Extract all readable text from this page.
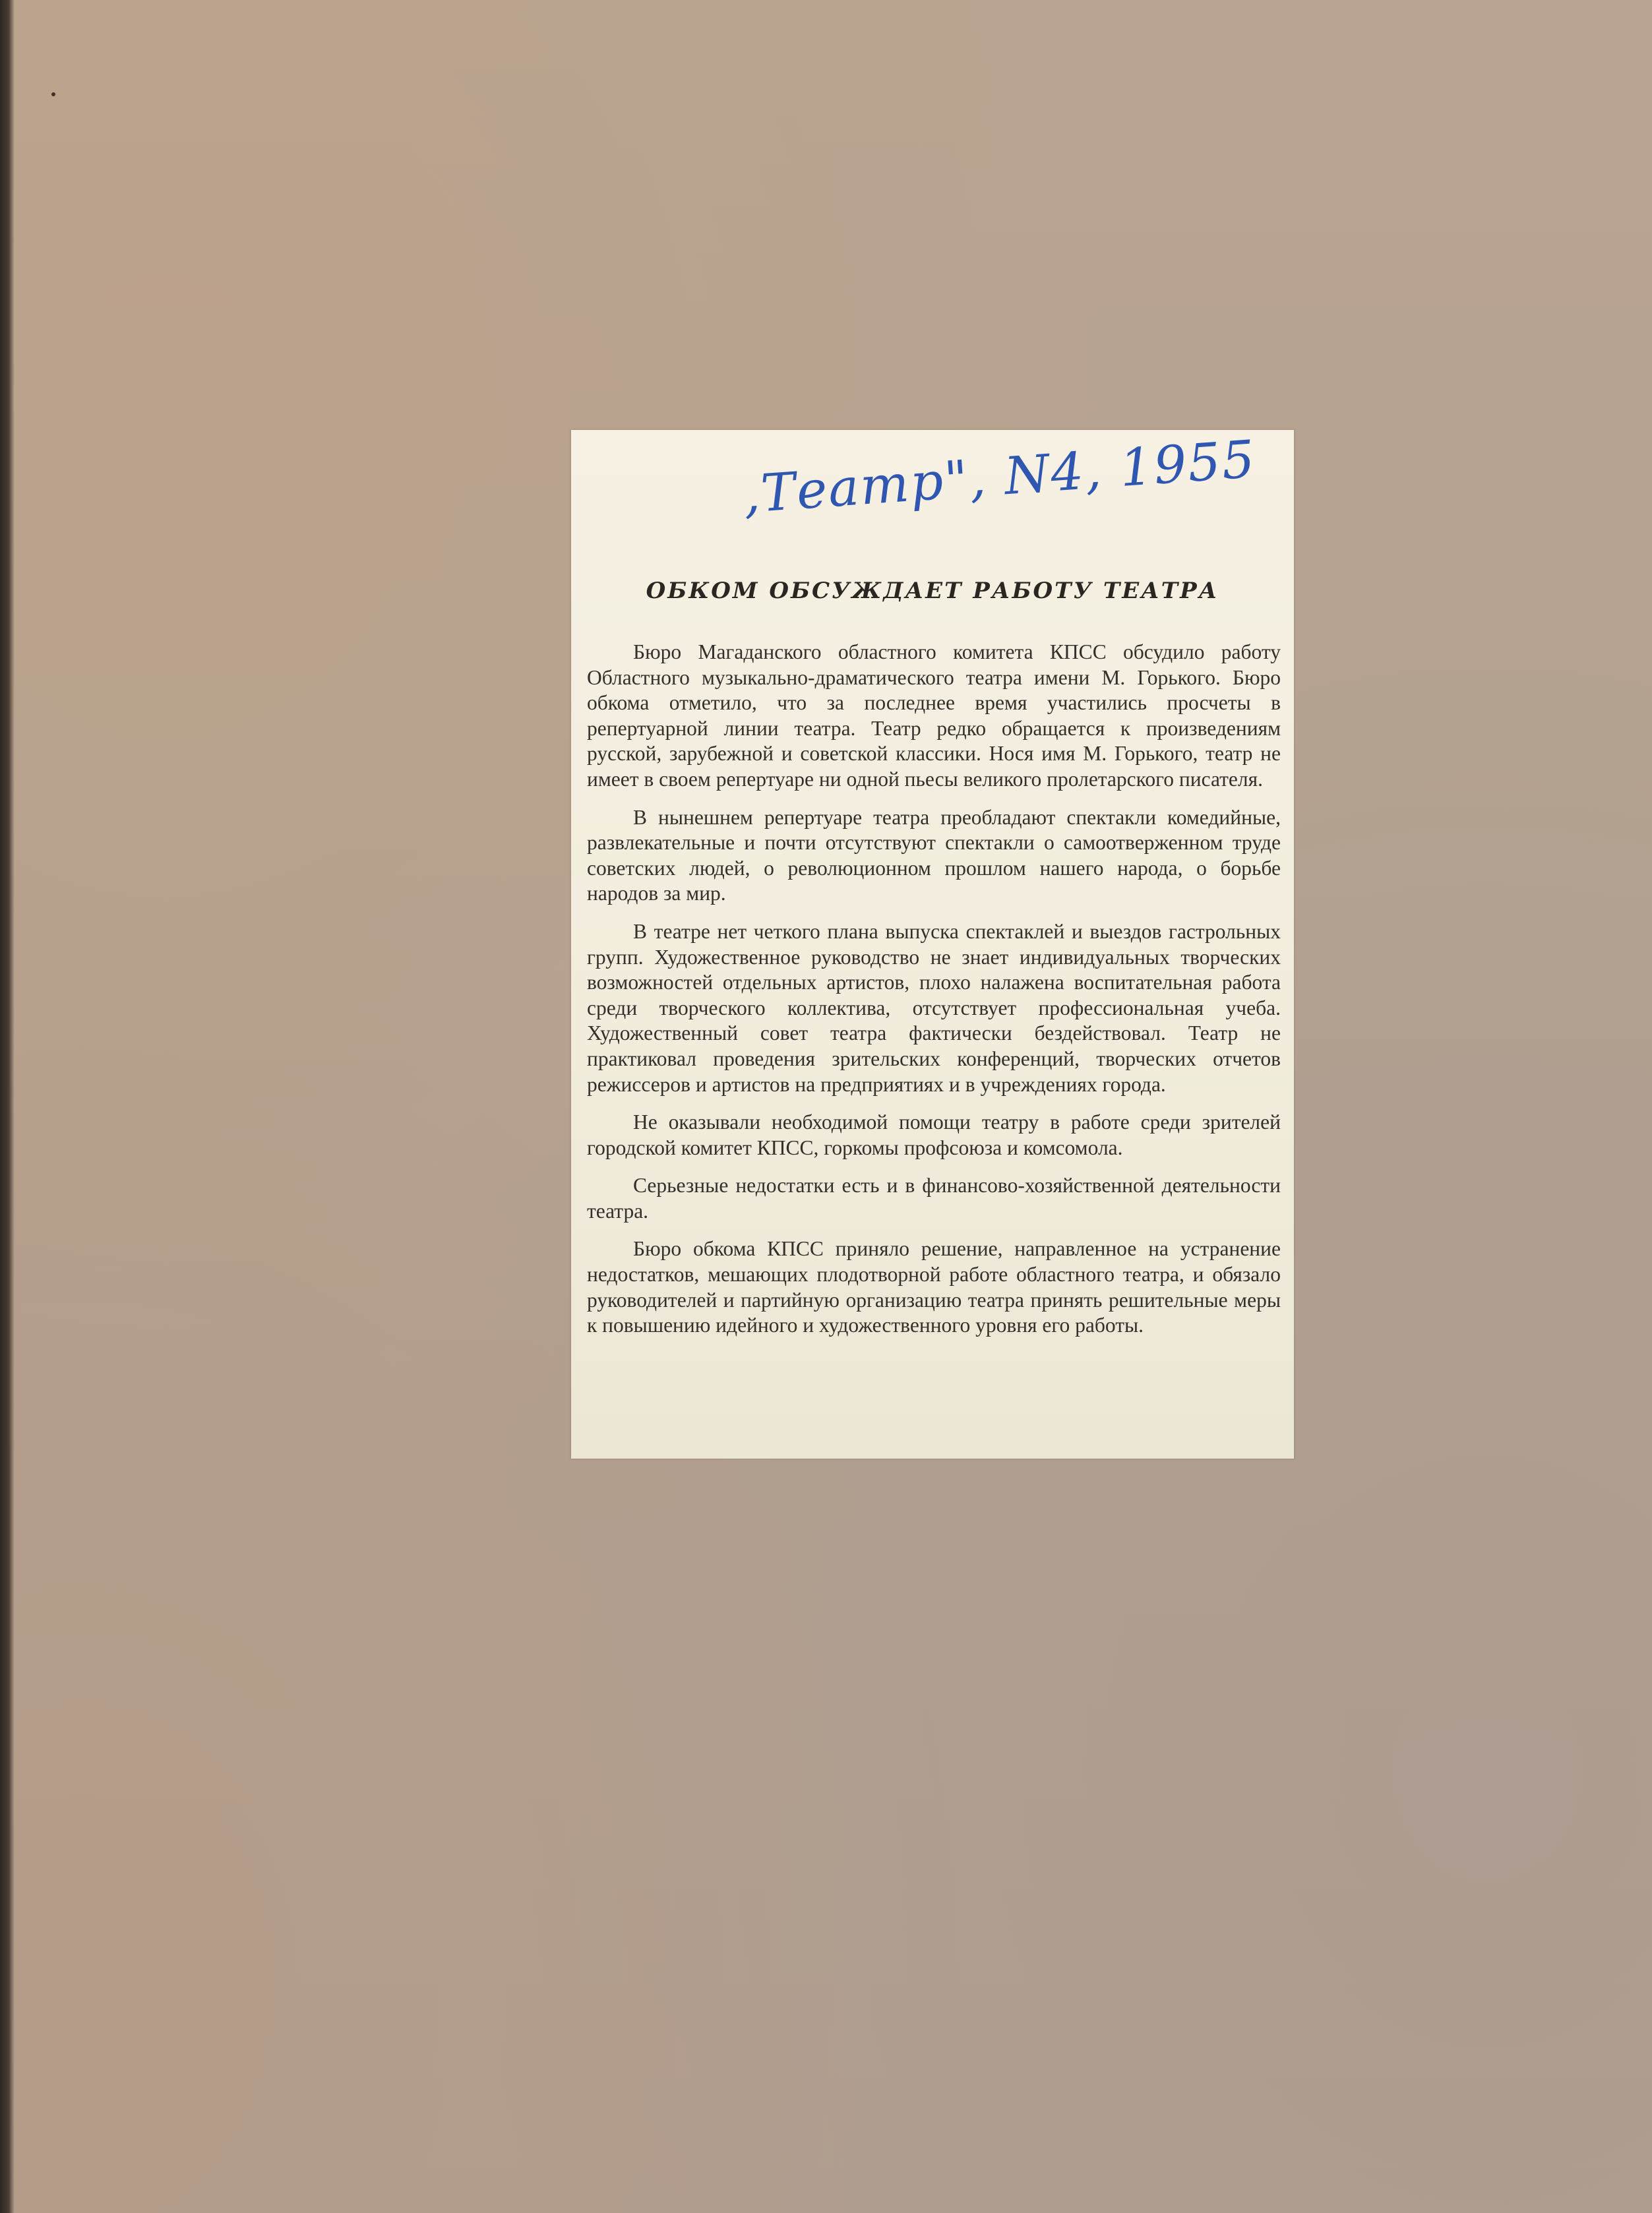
,Театр", N4, 1955
ОБКОМ ОБСУЖДАЕТ РАБОТУ ТЕАТРА

Бюро Магаданского областного комитета КПСС обсудило работу Областного музыкально-драматического театра имени М. Горького. Бюро обкома отметило, что за последнее время участились просчеты в репертуарной линии театра. Театр редко обращается к произведениям русской, зарубежной и советской классики. Нося имя М. Горького, театр не имеет в своем репертуаре ни одной пьесы великого пролетарского писателя.

В нынешнем репертуаре театра преобладают спектакли комедийные, развлекательные и почти отсутствуют спектакли о самоотверженном труде советских людей, о революционном прошлом нашего народа, о борьбе народов за мир.

В театре нет четкого плана выпуска спектаклей и выездов гастрольных групп. Художественное руководство не знает индивидуальных творческих возможностей отдельных артистов, плохо налажена воспитательная работа среди творческого коллектива, отсутствует профессиональная учеба. Художественный совет театра фактически бездействовал. Театр не практиковал проведения зрительских конференций, творческих отчетов режиссеров и артистов на предприятиях и в учреждениях города.

Не оказывали необходимой помощи театру в работе среди зрителей городской комитет КПСС, горкомы профсоюза и комсомола.

Серьезные недостатки есть и в финансово-хозяйственной деятельности театра.

Бюро обкома КПСС приняло решение, направленное на устранение недостатков, мешающих плодотворной работе областного театра, и обязало руководителей и партийную организацию театра принять решительные меры к повышению идейного и художественного уровня его работы.
